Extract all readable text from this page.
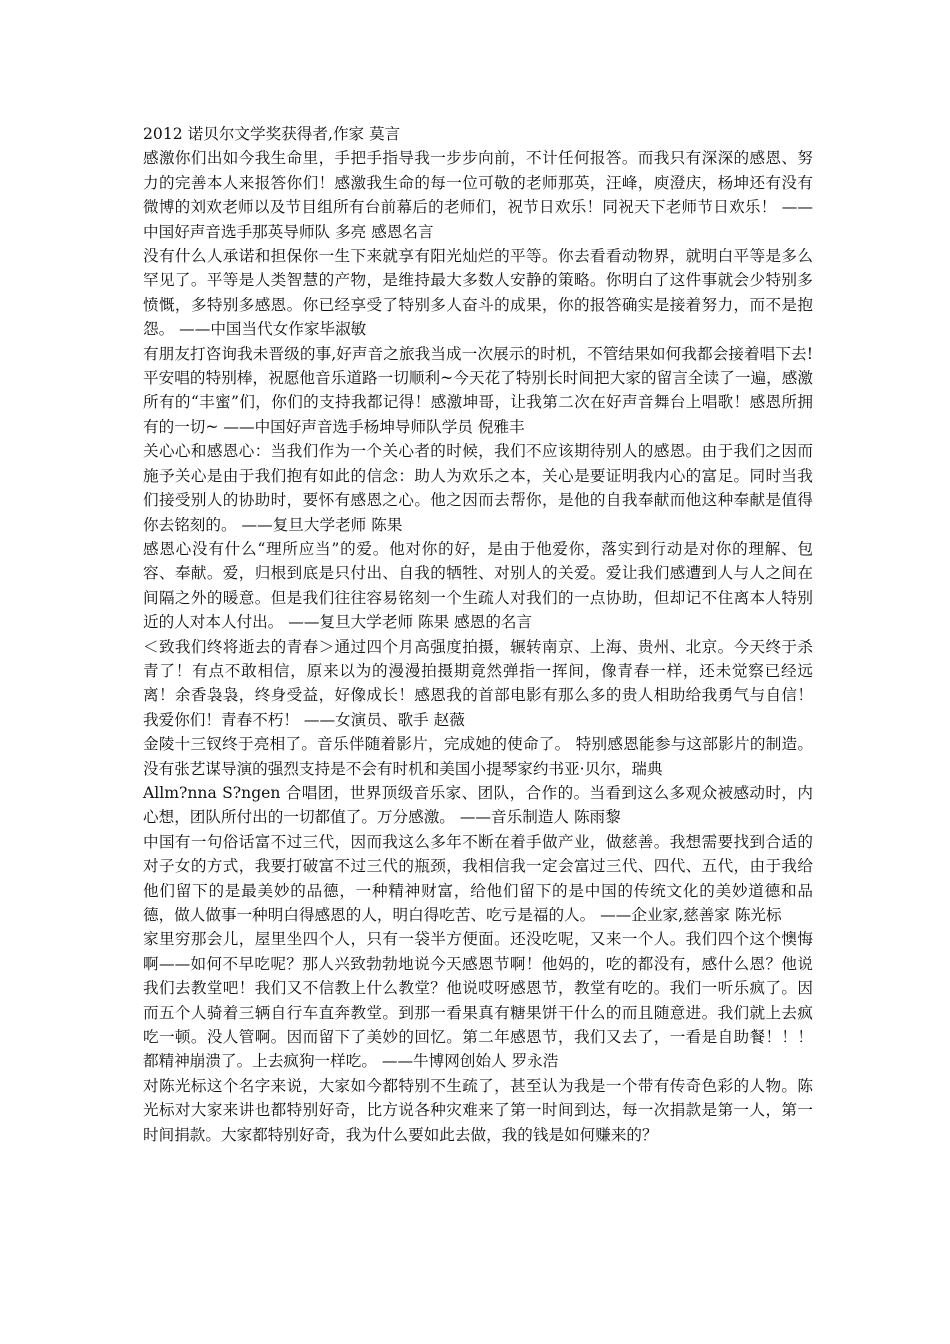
2012 诺贝尔文学奖获得者,作家 莫言

感激你们出如今我生命里，手把手指导我一步步向前，不计任何报答。而我只有深深的感恩、努力的完善本人来报答你们！感激我生命的每一位可敬的老师那英，汪峰，庾澄庆，杨坤还有没有微博的刘欢老师以及节目组所有台前幕后的老师们，祝节日欢乐！同祝天下老师节日欢乐！ ——中国好声音选手那英导师队 多亮 感恩名言

没有什么人承诺和担保你一生下来就享有阳光灿烂的平等。你去看看动物界，就明白平等是多么罕见了。平等是人类智慧的产物，是维持最大多数人安静的策略。你明白了这件事就会少特别多愤慨，多特别多感恩。你已经享受了特别多人奋斗的成果，你的报答确实是接着努力，而不是抱怨。 ——中国当代女作家毕淑敏

有朋友打咨询我未晋级的事,好声音之旅我当成一次展示的时机，不管结果如何我都会接着唱下去!平安唱的特别棒，祝愿他音乐道路一切顺利~今天花了特别长时间把大家的留言全读了一遍，感激所有的“丰蜜”们，你们的支持我都记得！感激坤哥，让我第二次在好声音舞台上唱歌！感恩所拥有的一切~ ——中国好声音选手杨坤导师队学员 倪雅丰

关心心和感恩心：当我们作为一个关心者的时候，我们不应该期待别人的感恩。由于我们之因而施予关心是由于我们抱有如此的信念：助人为欢乐之本，关心是要证明我内心的富足。同时当我们接受别人的协助时，要怀有感恩之心。他之因而去帮你，是他的自我奉献而他这种奉献是值得你去铭刻的。 ——复旦大学老师 陈果

感恩心没有什么“理所应当”的爱。他对你的好，是由于他爱你，落实到行动是对你的理解、包容、奉献。爱，归根到底是只付出、自我的牺牲、对别人的关爱。爱让我们感遭到人与人之间在间隔之外的暖意。但是我们往往容易铭刻一个生疏人对我们的一点协助，但却记不住离本人特别近的人对本人付出。 ——复旦大学老师 陈果 感恩的名言

＜致我们终将逝去的青春＞通过四个月高强度拍摄，辗转南京、上海、贵州、北京。今天终于杀青了！有点不敢相信，原来以为的漫漫拍摄期竟然弹指一挥间，像青春一样，还未觉察已经远离！余香袅袅，终身受益，好像成长！感恩我的首部电影有那么多的贵人相助给我勇气与自信！我爱你们！青春不朽！ ——女演员、歌手 赵薇

金陵十三钗终于亮相了。音乐伴随着影片，完成她的使命了。 特别感恩能参与这部影片的制造。没有张艺谋导演的强烈支持是不会有时机和美国小提琴家约书亚·贝尔，瑞典

Allm?nna S?ngen 合唱团，世界顶级音乐家、团队，合作的。当看到这么多观众被感动时，内心想，团队所付出的一切都值了。万分感激。 ——音乐制造人 陈雨黎

中国有一句俗话富不过三代，因而我这么多年不断在着手做产业，做慈善。我想需要找到合适的对子女的方式，我要打破富不过三代的瓶颈，我相信我一定会富过三代、四代、五代，由于我给他们留下的是最美妙的品德，一种精神财富，给他们留下的是中国的传统文化的美妙道德和品德，做人做事一种明白得感恩的人，明白得吃苦、吃亏是福的人。 ——企业家,慈善家 陈光标

家里穷那会儿，屋里坐四个人，只有一袋半方便面。还没吃呢，又来一个人。我们四个这个懊悔啊——如何不早吃呢？那人兴致勃勃地说今天感恩节啊！他妈的，吃的都没有，感什么恩？他说我们去教堂吧！我们又不信教上什么教堂？他说哎呀感恩节，教堂有吃的。我们一听乐疯了。因而五个人骑着三辆自行车直奔教堂。到那一看果真有糖果饼干什么的而且随意进。我们就上去疯吃一顿。没人管啊。因而留下了美妙的回忆。第二年感恩节，我们又去了，一看是自助餐！！！ 都精神崩溃了。上去疯狗一样吃。 ——牛博网创始人 罗永浩

对陈光标这个名字来说，大家如今都特别不生疏了，甚至认为我是一个带有传奇色彩的人物。陈光标对大家来讲也都特别好奇，比方说各种灾难来了第一时间到达，每一次捐款是第一人，第一时间捐款。大家都特别好奇，我为什么要如此去做，我的钱是如何赚来的？
